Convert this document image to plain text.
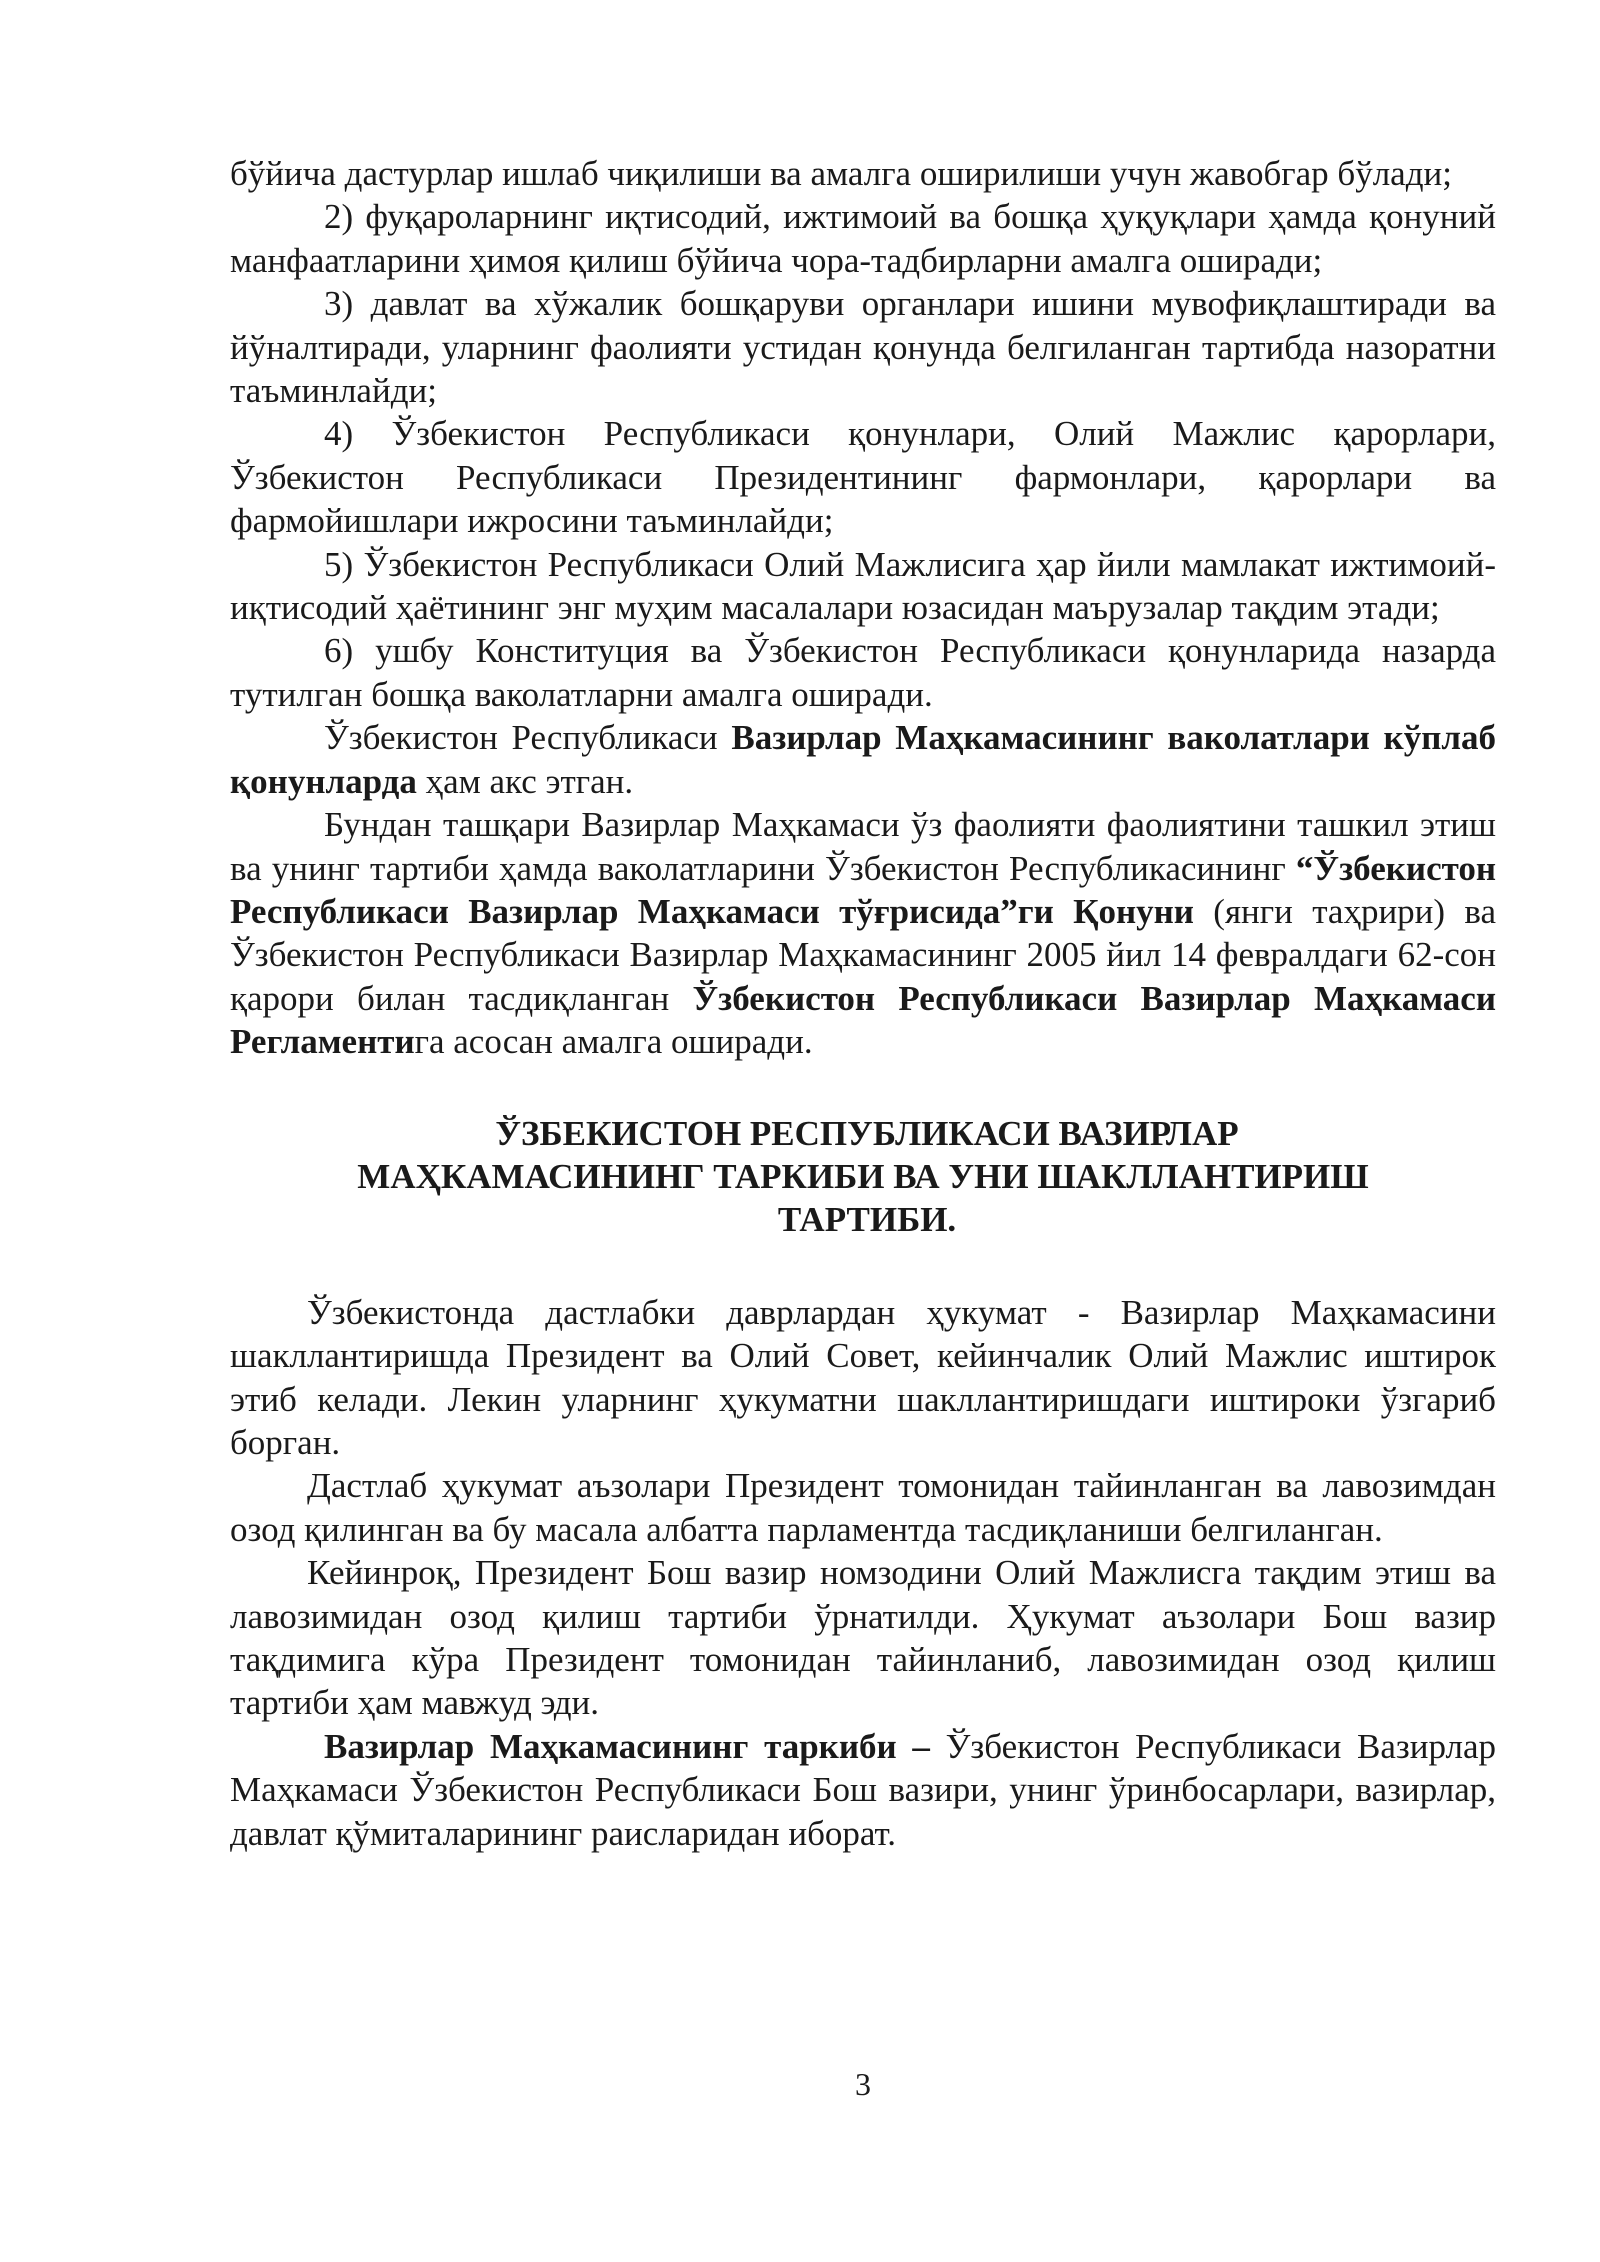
бўйича дастурлар ишлаб чиқилиши ва амалга оширилиши учун жавобгар бўлади;

2) фуқароларнинг иқтисодий, ижтимоий ва бошқа ҳуқуқлари ҳамда қонуний манфаатларини ҳимоя қилиш бўйича чора-тадбирларни амалга оширади;

3) давлат ва хўжалик бошқаруви органлари ишини мувофиқлаштиради ва йўналтиради, уларнинг фаолияти устидан қонунда белгиланган тартибда назоратни таъминлайди;

4) Ўзбекистон Республикаси қонунлари, Олий Мажлис қарорлари, Ўзбекистон Республикаси Президентининг фармонлари, қарорлари ва фармойишлари ижросини таъминлайди;

5) Ўзбекистон Республикаси Олий Мажлисига ҳар йили мамлакат ижтимоий-иқтисодий ҳаётининг энг муҳим масалалари юзасидан маърузалар тақдим этади;

6) ушбу Конституция ва Ўзбекистон Республикаси қонунларида назарда тутилган бошқа ваколатларни амалга оширади.

Ўзбекистон Республикаси Вазирлар Маҳкамасининг ваколатлари кўплаб қонунларда ҳам акс этган.

Бундан ташқари Вазирлар Маҳкамаси ўз фаолияти фаолиятини ташкил этиш ва унинг тартиби ҳамда ваколатларини Ўзбекистон Республикасининг “Ўзбекистон Республикаси Вазирлар Маҳкамаси тўғрисида”ги Қонуни (янги таҳрири) ва Ўзбекистон Республикаси Вазирлар Маҳкамасининг 2005 йил 14 февралдаги 62-сон қарори билан тасдиқланган Ўзбекистон Республикаси Вазирлар Маҳкамаси Регламентига асосан амалга оширади.

ЎЗБЕКИСТОН РЕСПУБЛИКАСИ ВАЗИРЛАР
МАҲКАМАСИНИНГ ТАРКИБИ ВА УНИ ШАКЛЛАНТИРИШ
ТАРТИБИ.

Ўзбекистонда дастлабки даврлардан ҳукумат - Вазирлар Маҳкамасини шакллантиришда Президент ва Олий Совет, кейинчалик Олий Мажлис иштирок этиб келади. Лекин уларнинг ҳукуматни шакллантиришдаги иштироки ўзгариб борган.

Дастлаб ҳукумат аъзолари Президент томонидан тайинланган ва лавозимдан озод қилинган ва бу масала албатта парламентда тасдиқланиши белгиланган.

Кейинроқ, Президент Бош вазир номзодини Олий Мажлисга тақдим этиш ва лавозимидан озод қилиш тартиби ўрнатилди. Ҳукумат аъзолари Бош вазир тақдимига кўра Президент томонидан тайинланиб, лавозимидан озод қилиш тартиби ҳам мавжуд эди.

Вазирлар Маҳкамасининг таркиби – Ўзбекистон Республикаси Вазирлар Маҳкамаси Ўзбекистон Республикаси Бош вазири, унинг ўринбосарлари, вазирлар, давлат қўмиталарининг раисларидан иборат.

3
